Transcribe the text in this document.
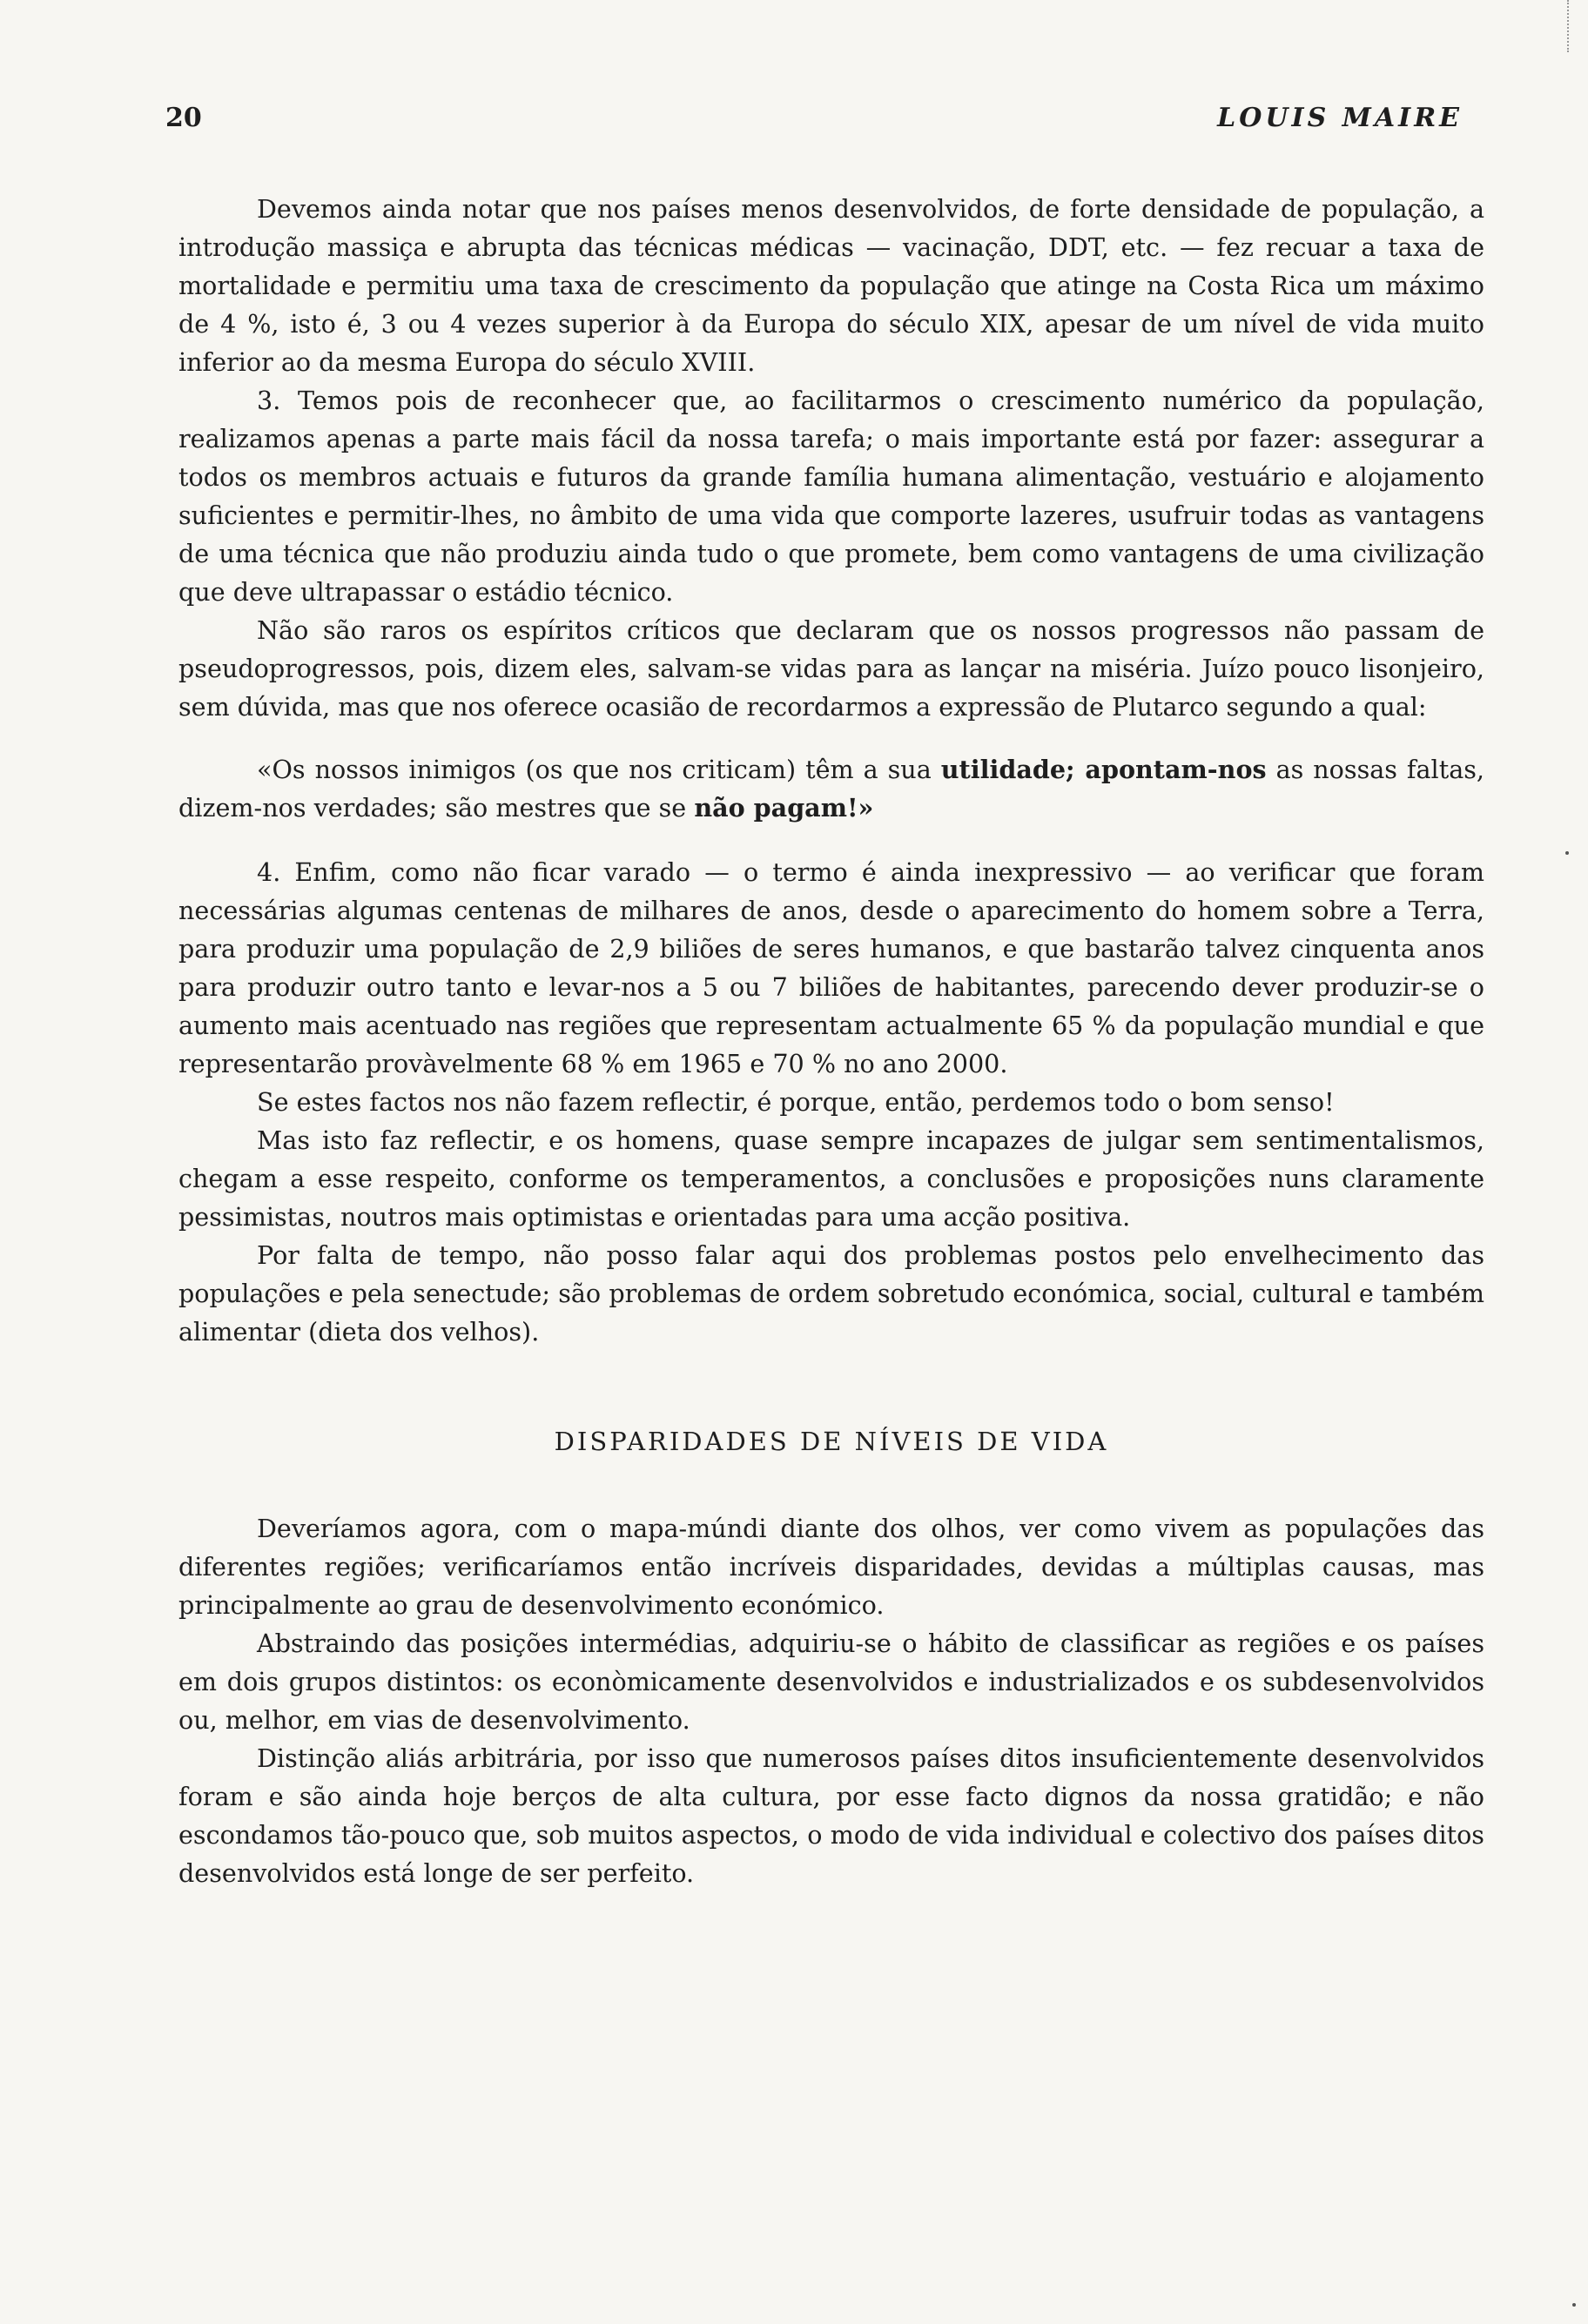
20	LOUIS MAIRE

Devemos ainda notar que nos países menos desenvolvidos, de forte densidade de população, a introdução massiça e abrupta das técnicas médicas — vacinação, DDT, etc. — fez recuar a taxa de mortalidade e permitiu uma taxa de crescimento da população que atinge na Costa Rica um máximo de 4 %, isto é, 3 ou 4 vezes superior à da Europa do século XIX, apesar de um nível de vida muito inferior ao da mesma Europa do século XVIII.

3. Temos pois de reconhecer que, ao facilitarmos o crescimento numérico da população, realizamos apenas a parte mais fácil da nossa tarefa; o mais importante está por fazer: assegurar a todos os membros actuais e futuros da grande família humana alimentação, vestuário e alojamento suficientes e permitir-lhes, no âmbito de uma vida que comporte lazeres, usufruir todas as vantagens de uma técnica que não produziu ainda tudo o que promete, bem como vantagens de uma civilização que deve ultrapassar o estádio técnico.

Não são raros os espíritos críticos que declaram que os nossos progressos não passam de pseudoprogressos, pois, dizem eles, salvam-se vidas para as lançar na miséria. Juízo pouco lisonjeiro, sem dúvida, mas que nos oferece ocasião de recordarmos a expressão de Plutarco segundo a qual:

«Os nossos inimigos (os que nos criticam) têm a sua utilidade; apontam-nos as nossas faltas, dizem-nos verdades; são mestres que se não pagam!»

4. Enfim, como não ficar varado — o termo é ainda inexpressivo — ao verificar que foram necessárias algumas centenas de milhares de anos, desde o aparecimento do homem sobre a Terra, para produzir uma população de 2,9 biliões de seres humanos, e que bastarão talvez cinquenta anos para produzir outro tanto e levar-nos a 5 ou 7 biliões de habitantes, parecendo dever produzir-se o aumento mais acentuado nas regiões que representam actualmente 65 % da população mundial e que representarão provàvelmente 68 % em 1965 e 70 % no ano 2000.

Se estes factos nos não fazem reflectir, é porque, então, perdemos todo o bom senso!

Mas isto faz reflectir, e os homens, quase sempre incapazes de julgar sem sentimentalismos, chegam a esse respeito, conforme os temperamentos, a conclusões e proposições nuns claramente pessimistas, noutros mais optimistas e orientadas para uma acção positiva.

Por falta de tempo, não posso falar aqui dos problemas postos pelo envelhecimento das populações e pela senectude; são problemas de ordem sobretudo económica, social, cultural e também alimentar (dieta dos velhos).

DISPARIDADES DE NÍVEIS DE VIDA

Deveríamos agora, com o mapa-múndi diante dos olhos, ver como vivem as populações das diferentes regiões; verificaríamos então incríveis disparidades, devidas a múltiplas causas, mas principalmente ao grau de desenvolvimento económico.

Abstraindo das posições intermédias, adquiriu-se o hábito de classificar as regiões e os países em dois grupos distintos: os econòmicamente desenvolvidos e industrializados e os subdesenvolvidos ou, melhor, em vias de desenvolvimento.

Distinção aliás arbitrária, por isso que numerosos países ditos insuficientemente desenvolvidos foram e são ainda hoje berços de alta cultura, por esse facto dignos da nossa gratidão; e não escondamos tão-pouco que, sob muitos aspectos, o modo de vida individual e colectivo dos países ditos desenvolvidos está longe de ser perfeito.
